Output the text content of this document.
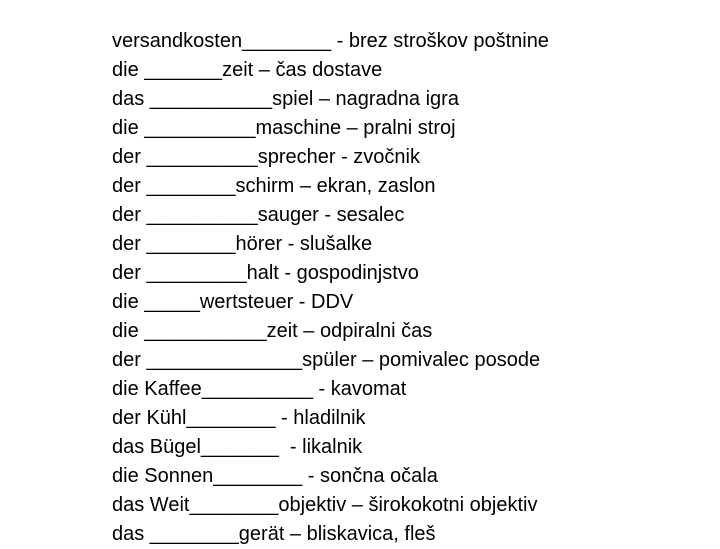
versandkosten________ - brez stroškov poštnine
die _______zeit – čas dostave
das ___________spiel – nagradna igra
die __________maschine – pralni stroj
der __________sprecher - zvočnik
der ________schirm – ekran, zaslon
der __________sauger - sesalec
der ________hörer - slušalke
der _________halt - gospodinjstvo
die _____wertsteuer - DDV
die ___________zeit – odpiralni čas
der ______________spüler – pomivalec posode
die Kaffee__________ - kavomat
der Kühl________ - hladilnik
das Bügel_______  - likalnik
die Sonnen________ - sončna očala
das Weit________objektiv – širokokotni objektiv
das ________gerät – bliskavica, fleš
